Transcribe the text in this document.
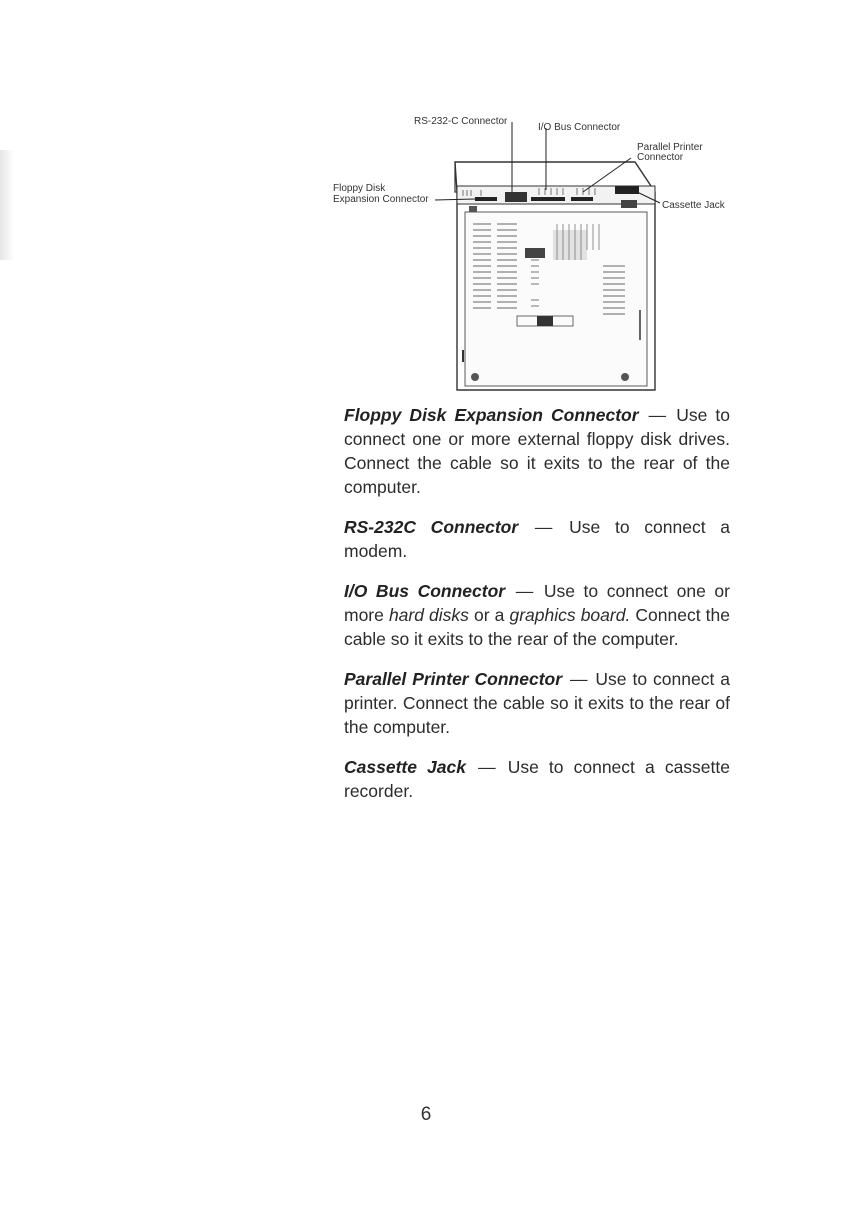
RS-232-C Connector
I/O Bus Connector
Parallel Printer
Connector
Floppy Disk
Expansion Connector
Cassette Jack

Floppy Disk Expansion Connector — Use to connect one or more external floppy disk drives. Connect the cable so it exits to the rear of the computer.

RS-232C Connector — Use to connect a modem.

I/O Bus Connector — Use to connect one or more hard disks or a graphics board. Connect the cable so it exits to the rear of the computer.

Parallel Printer Connector — Use to connect a printer. Connect the cable so it exits to the rear of the computer.

Cassette Jack — Use to connect a cassette recorder.

6
